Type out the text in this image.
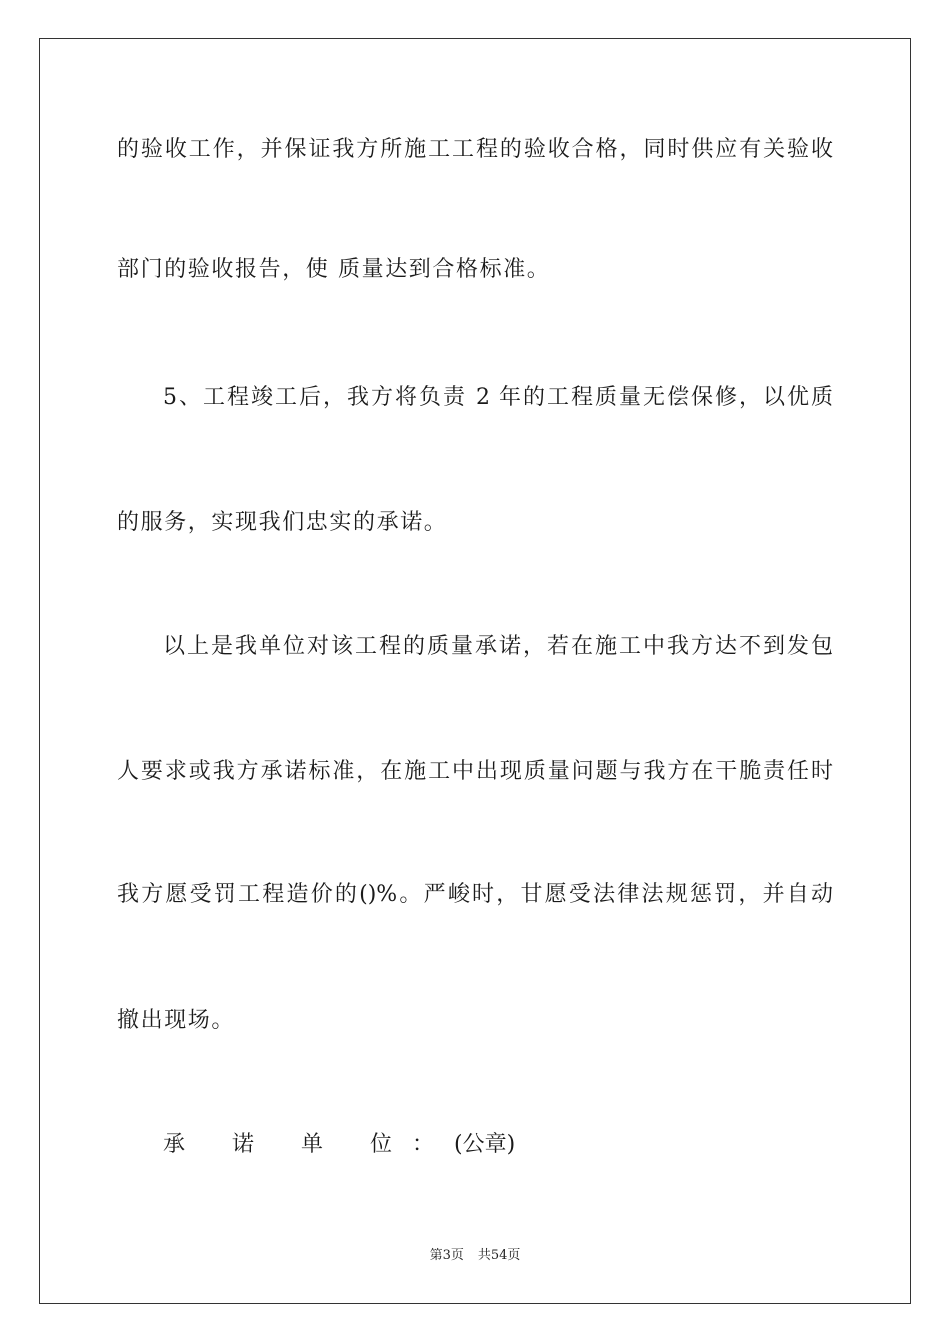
的验收工作，并保证我方所施工工程的验收合格，同时供应有关验收
部门的验收报告，使 质量达到合格标准。
5、工程竣工后，我方将负责 2 年的工程质量无偿保修，以优质
的服务，实现我们忠实的承诺。
以上是我单位对该工程的质量承诺，若在施工中我方达不到发包
人要求或我方承诺标准，在施工中出现质量问题与我方在干脆责任时
我方愿受罚工程造价的()%。严峻时，甘愿受法律法规惩罚，并自动
撤出现场。
承 诺 单 位：(公章)
第3页 共54页
